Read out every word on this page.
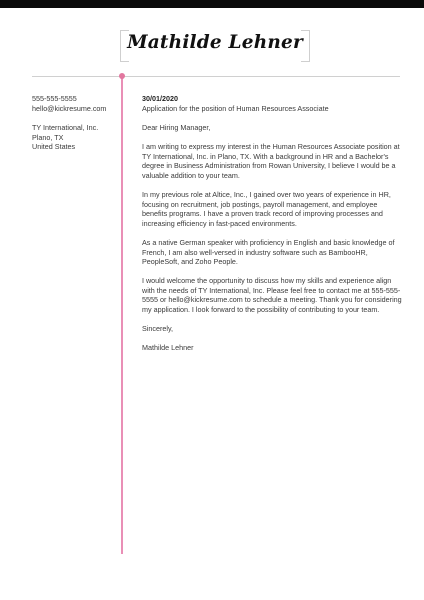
Mathilde Lehner
555-555-5555
hello@kickresume.com
TY International, Inc.
Plano, TX
United States
30/01/2020
Application for the position of Human Resources Associate

Dear Hiring Manager,

I am writing to express my interest in the Human Resources Associate position at TY International, Inc. in Plano, TX. With a background in HR and a Bachelor's degree in Business Administration from Rowan University, I believe I would be a valuable addition to your team.

In my previous role at Altice, Inc., I gained over two years of experience in HR, focusing on recruitment, job postings, payroll management, and employee benefits programs. I have a proven track record of improving processes and increasing efficiency in fast-paced environments.

As a native German speaker with proficiency in English and basic knowledge of French, I am also well-versed in industry software such as BambooHR, PeopleSoft, and Zoho People.

I would welcome the opportunity to discuss how my skills and experience align with the needs of TY International, Inc. Please feel free to contact me at 555-555-5555 or hello@kickresume.com to schedule a meeting. Thank you for considering my application. I look forward to the possibility of contributing to your team.

Sincerely,

Mathilde Lehner
